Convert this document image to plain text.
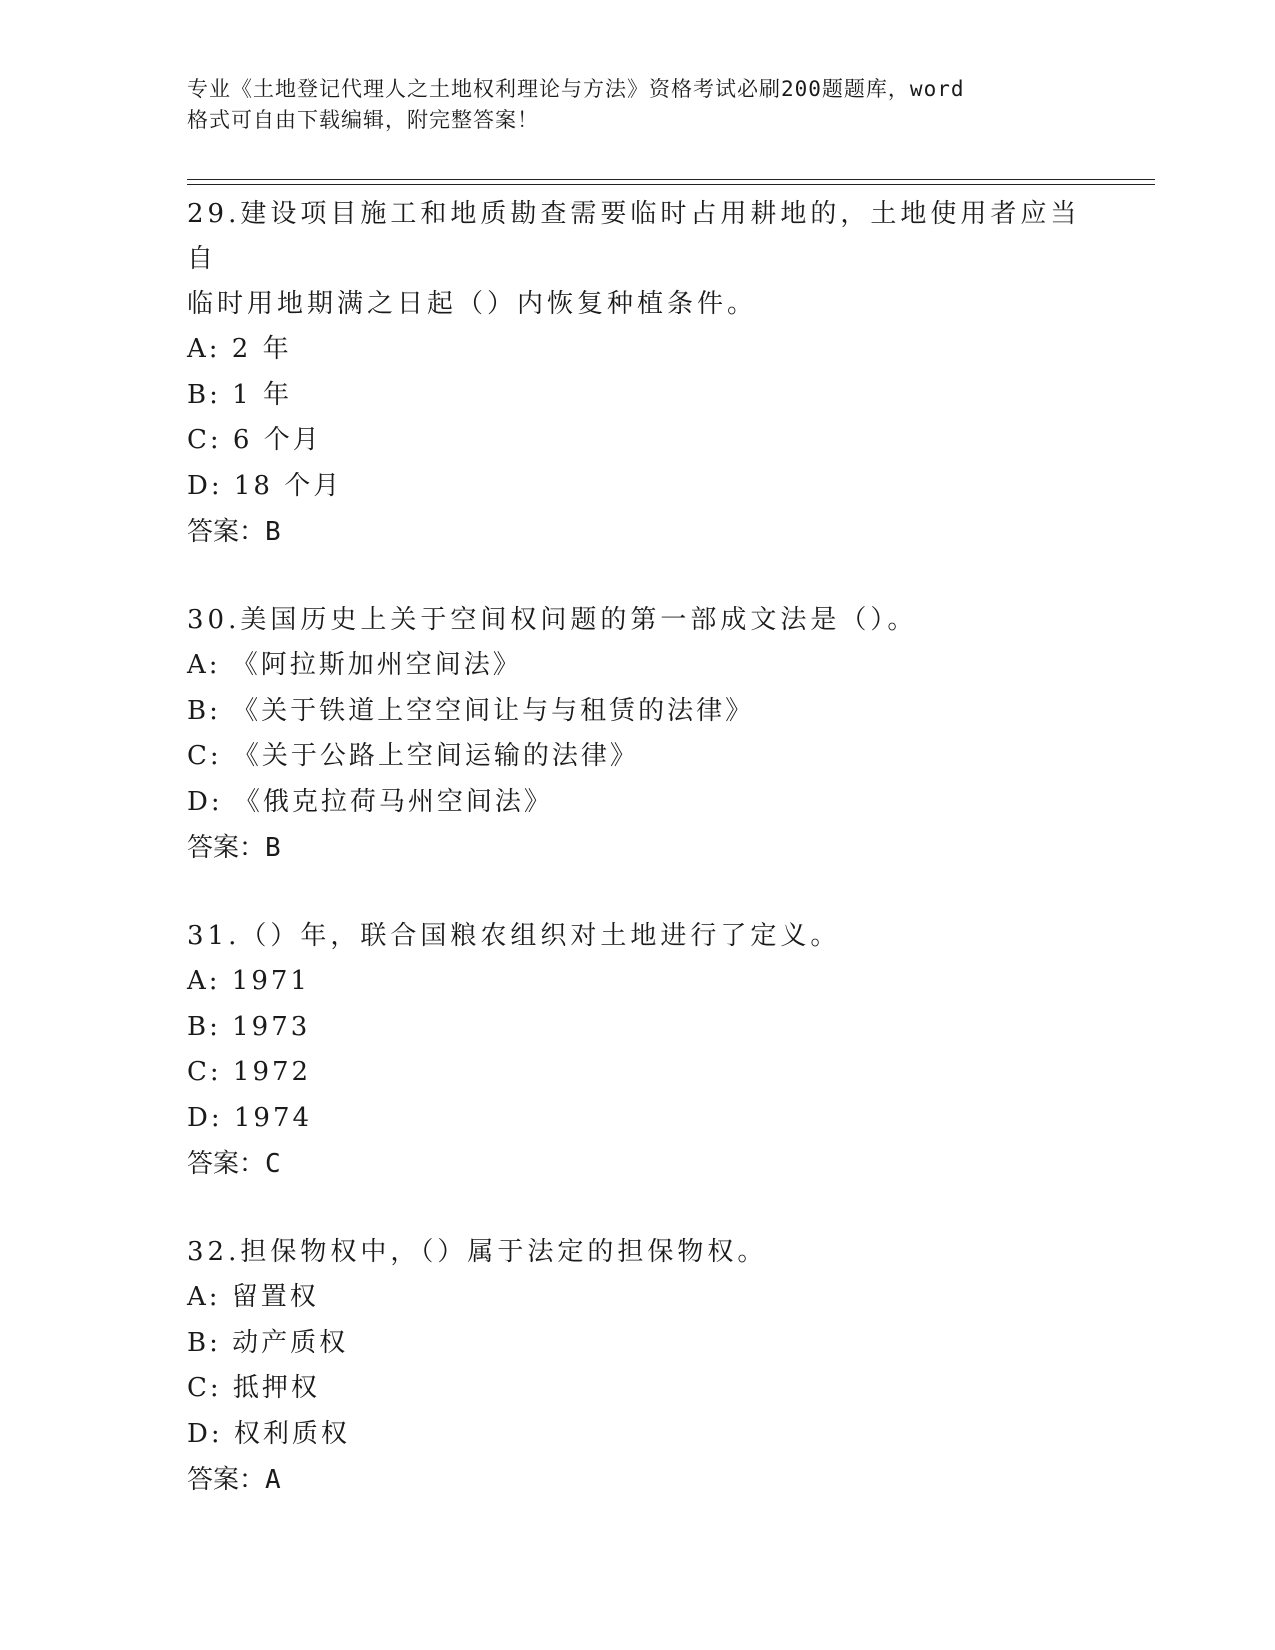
专业《土地登记代理人之土地权利理论与方法》资格考试必刷200题题库，word
格式可自由下载编辑，附完整答案！

29.建设项目施工和地质勘查需要临时占用耕地的，土地使用者应当自

临时用地期满之日起（）内恢复种植条件。

A: 2 年

B: 1 年

C: 6 个月

D: 18 个月

答案：B

30.美国历史上关于空间权问题的第一部成文法是（）。

A: 《阿拉斯加州空间法》

B: 《关于铁道上空空间让与与租赁的法律》

C: 《关于公路上空间运输的法律》

D: 《俄克拉荷马州空间法》

答案：B

31.（）年，联合国粮农组织对土地进行了定义。

A: 1971

B: 1973

C: 1972

D: 1974

答案：C

32.担保物权中，（）属于法定的担保物权。

A: 留置权

B: 动产质权

C: 抵押权

D: 权利质权

答案：A
